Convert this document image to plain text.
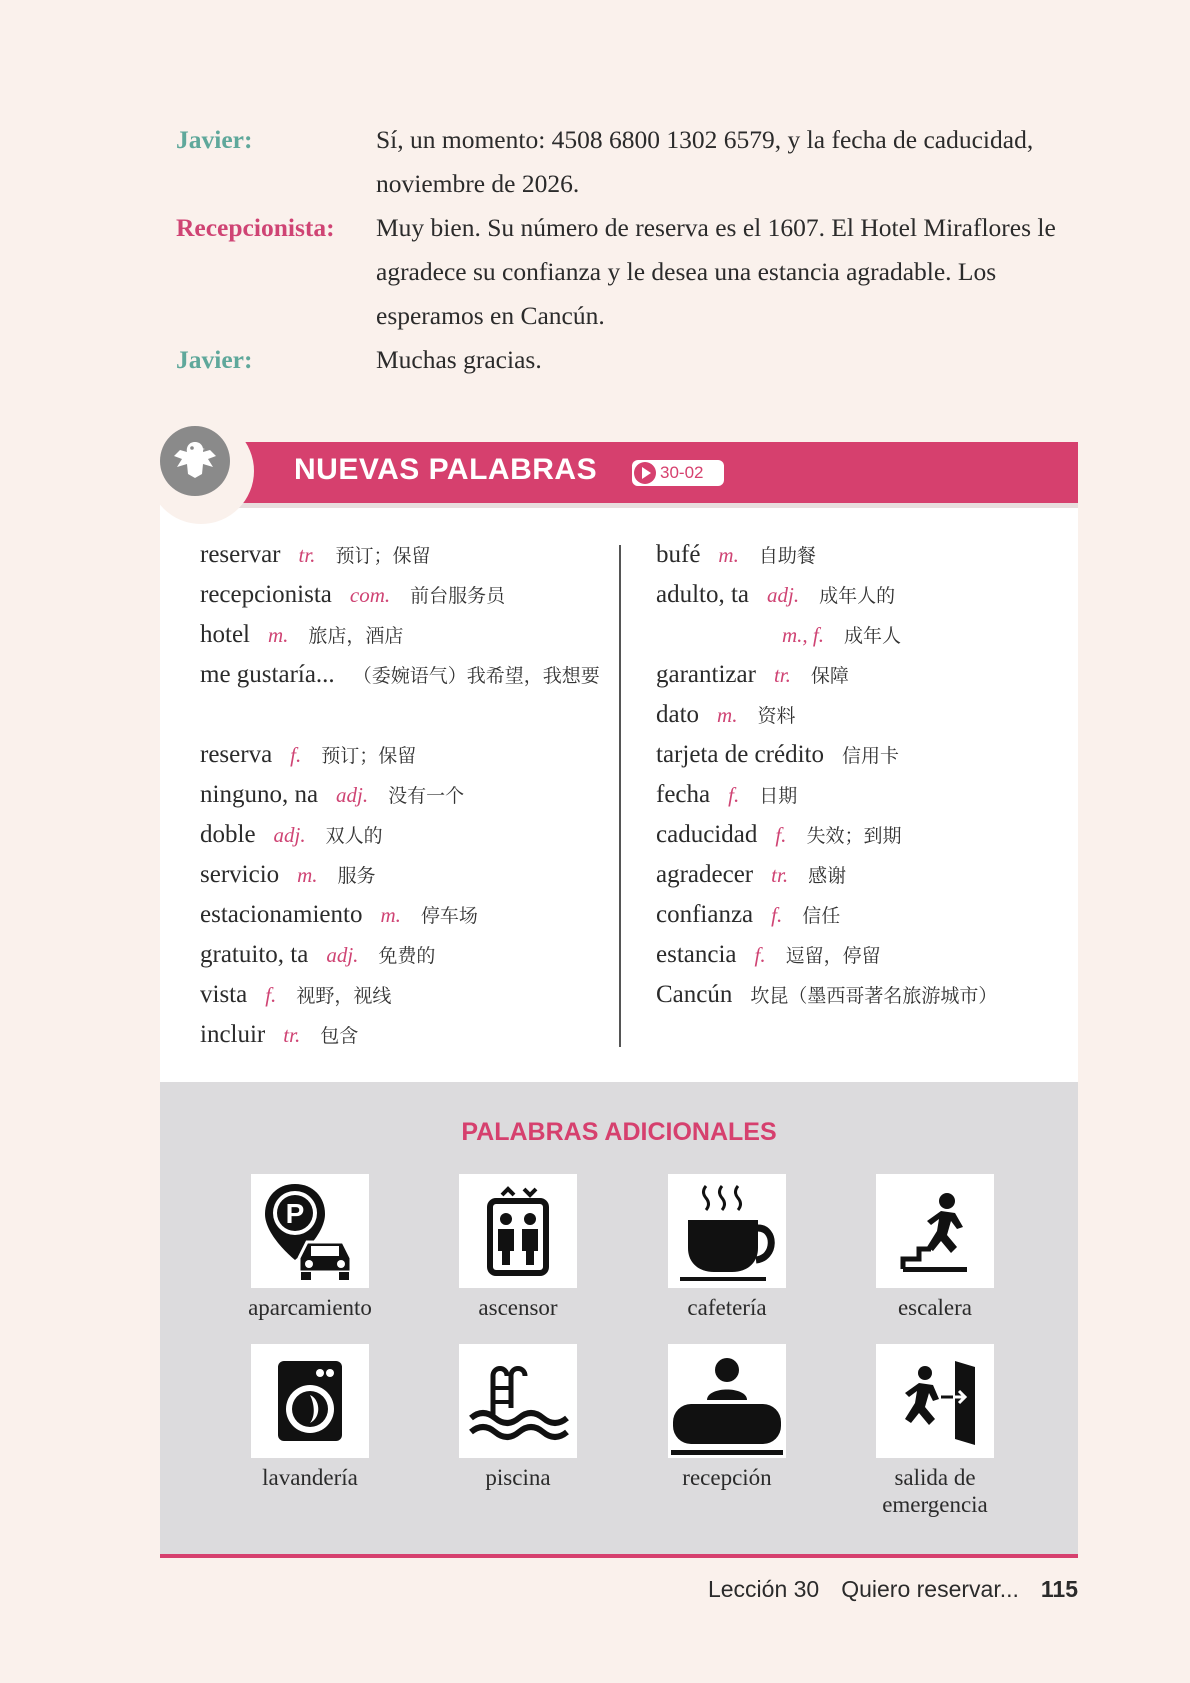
Javier:	Sí, un momento: 4508 6800 1302 6579, y la fecha de caducidad, noviembre de 2026.
Recepcionista:	Muy bien. Su número de reserva es el 1607. El Hotel Miraflores le agradece su confianza y le desea una estancia agradable. Los esperamos en Cancún.
Javier:	Muchas gracias.
NUEVAS PALABRAS	30-02
reservar tr. 预订；保留
recepcionista com. 前台服务员
hotel m. 旅店，酒店
me gustaría... （委婉语气）我希望，我想要
reserva f. 预订；保留
ninguno, na adj. 没有一个
doble adj. 双人的
servicio m. 服务
estacionamiento m. 停车场
gratuito, ta adj. 免费的
vista f. 视野，视线
incluir tr. 包含
bufé m. 自助餐
adulto, ta adj. 成年人的
m., f. 成年人
garantizar tr. 保障
dato m. 资料
tarjeta de crédito 信用卡
fecha f. 日期
caducidad f. 失效；到期
agradecer tr. 感谢
confianza f. 信任
estancia f. 逗留，停留
Cancún 坎昆（墨西哥著名旅游城市）
PALABRAS ADICIONALES
P
aparcamiento	ascensor	cafetería	escalera
lavandería	piscina	recepción	salida de emergencia
Lección 30 Quiero reservar... 115
